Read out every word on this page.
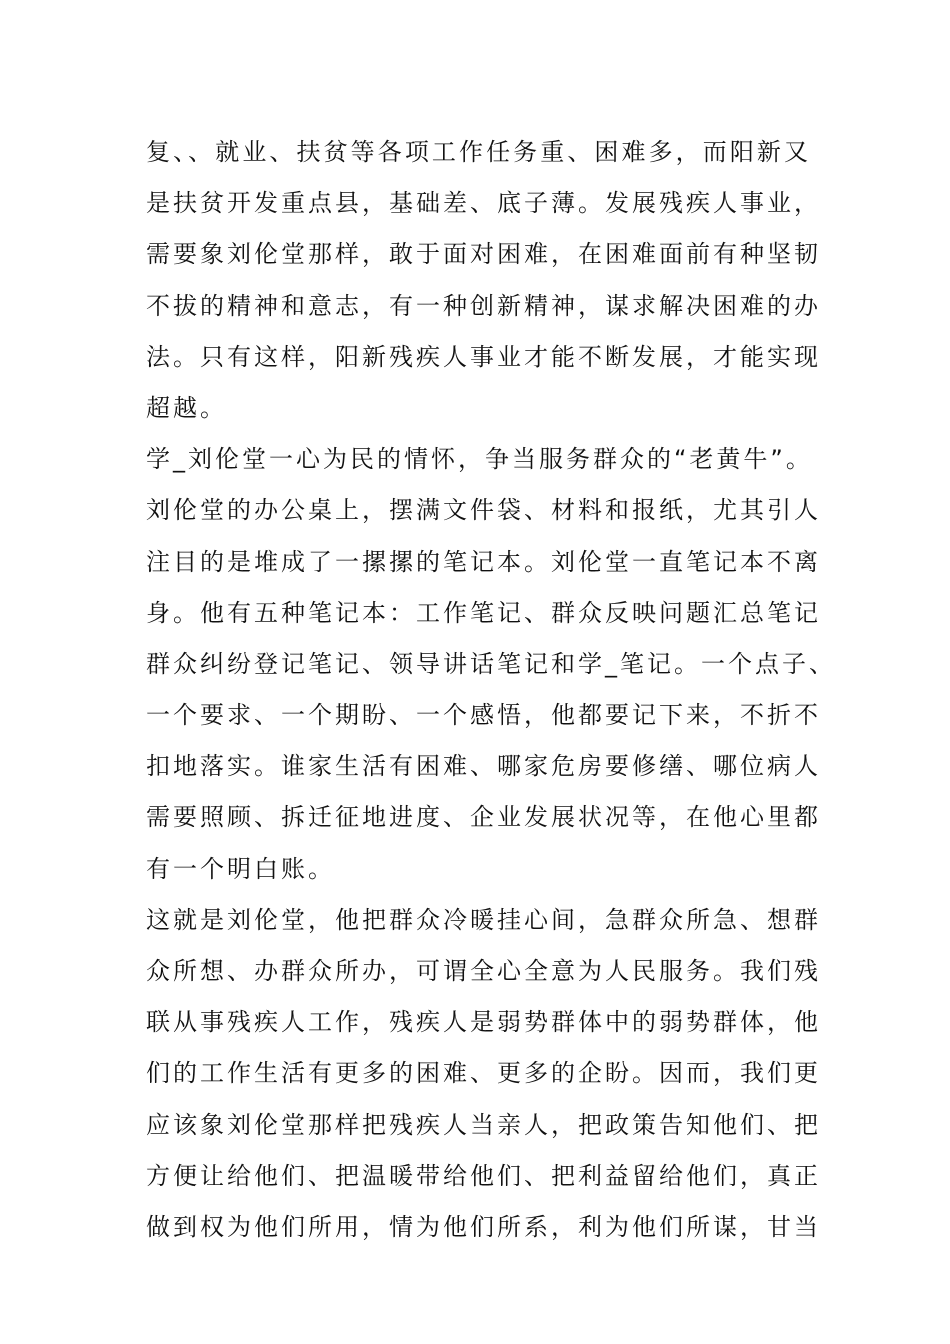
复、、就业、扶贫等各项工作任务重、困难多，而阳新又
是扶贫开发重点县，基础差、底子薄。发展残疾人事业，
需要象刘伦堂那样，敢于面对困难，在困难面前有种坚韧
不拔的精神和意志，有一种创新精神，谋求解决困难的办
法。只有这样，阳新残疾人事业才能不断发展，才能实现
超越。
学_刘伦堂一心为民的情怀，争当服务群众的“老黄牛”。
刘伦堂的办公桌上，摆满文件袋、材料和报纸，尤其引人
注目的是堆成了一摞摞的笔记本。刘伦堂一直笔记本不离
身。他有五种笔记本：工作笔记、群众反映问题汇总笔记
群众纠纷登记笔记、领导讲话笔记和学_笔记。一个点子、
一个要求、一个期盼、一个感悟，他都要记下来，不折不
扣地落实。谁家生活有困难、哪家危房要修缮、哪位病人
需要照顾、拆迁征地进度、企业发展状况等，在他心里都
有一个明白账。
这就是刘伦堂，他把群众冷暖挂心间，急群众所急、想群
众所想、办群众所办，可谓全心全意为人民服务。我们残
联从事残疾人工作，残疾人是弱势群体中的弱势群体，他
们的工作生活有更多的困难、更多的企盼。因而，我们更
应该象刘伦堂那样把残疾人当亲人，把政策告知他们、把
方便让给他们、把温暖带给他们、把利益留给他们，真正
做到权为他们所用，情为他们所系，利为他们所谋，甘当
